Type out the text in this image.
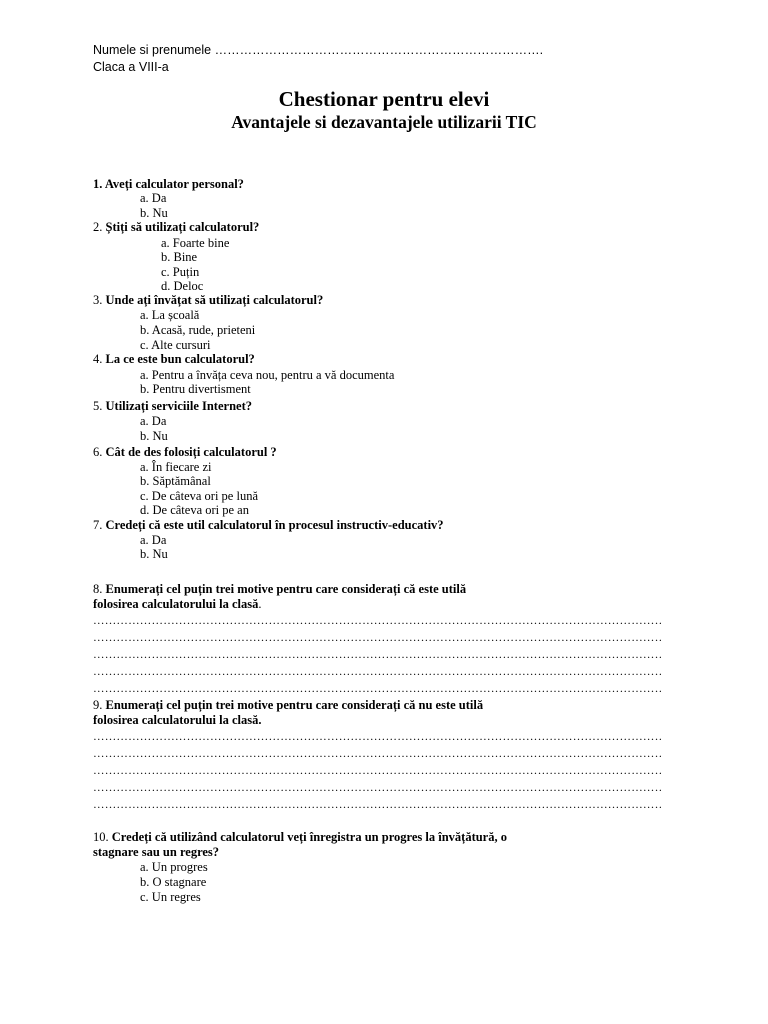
Numele si prenumele …………………………………………………………………….
Claca a VIII-a
Chestionar pentru elevi
Avantajele si dezavantajele utilizarii TIC
1. Aveți calculator personal?
a. Da
b. Nu
2. Știți să utilizați calculatorul?
a. Foarte bine
b. Bine
c. Puțin
d. Deloc
3. Unde ați învățat să utilizați calculatorul?
a. La școală
b. Acasă, rude, prieteni
c. Alte cursuri
4. La ce este bun calculatorul?
a. Pentru a învăța ceva nou, pentru a vă documenta
b. Pentru divertisment
5. Utilizați serviciile Internet?
a. Da
b. Nu
6. Cât de des folosiți calculatorul ?
a. În fiecare zi
b. Săptămânal
c. De câteva ori pe lună
d. De câteva ori pe an
7. Credeți că este util calculatorul în procesul instructiv-educativ?
a. Da
b. Nu
8. Enumerați cel puțin trei motive pentru care considerați că este utilă
folosirea calculatorului la clasă.
……………………………………………………………………………………………………………………………………………………………
……………………………………………………………………………………………………………………………………………………………
……………………………………………………………………………………………………………………………………………………………
……………………………………………………………………………………………………………………………………………………………
……………………………………………………………………………………………………………………………………………………………
9. Enumerați cel puțin trei motive pentru care considerați că nu este utilă
folosirea calculatorului la clasă.
……………………………………………………………………………………………………………………………………………………………
……………………………………………………………………………………………………………………………………………………………
……………………………………………………………………………………………………………………………………………………………
……………………………………………………………………………………………………………………………………………………………
……………………………………………………………………………………………………………………………………………………………
10. Credeți că utilizând calculatorul veți înregistra un progres la învățătură, o
stagnare sau un regres?
a. Un progres
b. O stagnare
c. Un regres
